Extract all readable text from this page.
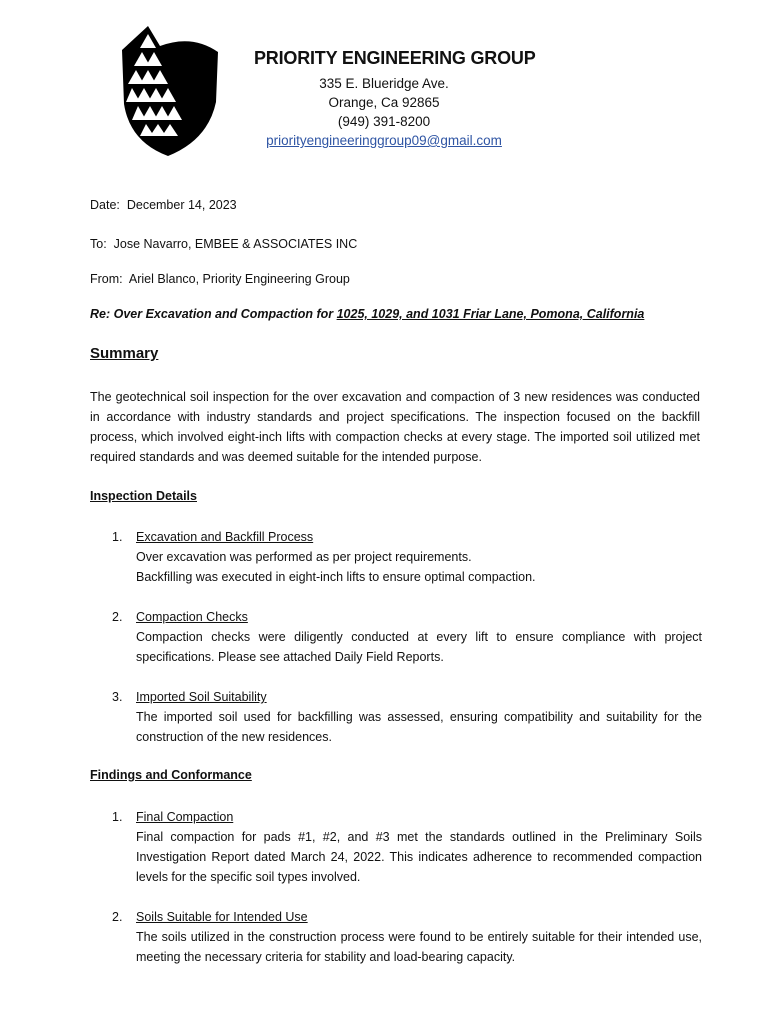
PRIORITY ENGINEERING GROUP
335 E. Blueridge Ave.
Orange, Ca 92865
(949) 391-8200
priorityengineeringgroup09@gmail.com
Date: December 14, 2023
To: Jose Navarro, EMBEE & ASSOCIATES INC
From: Ariel Blanco, Priority Engineering Group
Re: Over Excavation and Compaction for 1025, 1029, and 1031 Friar Lane, Pomona, California
Summary
The geotechnical soil inspection for the over excavation and compaction of 3 new residences was conducted in accordance with industry standards and project specifications. The inspection focused on the backfill process, which involved eight-inch lifts with compaction checks at every stage. The imported soil utilized met required standards and was deemed suitable for the intended purpose.
Inspection Details
1.	Excavation and Backfill Process
Over excavation was performed as per project requirements.
Backfilling was executed in eight-inch lifts to ensure optimal compaction.
2.	Compaction Checks
Compaction checks were diligently conducted at every lift to ensure compliance with project specifications. Please see attached Daily Field Reports.
3.	Imported Soil Suitability
The imported soil used for backfilling was assessed, ensuring compatibility and suitability for the construction of the new residences.
Findings and Conformance
1.	Final Compaction
Final compaction for pads #1, #2, and #3 met the standards outlined in the Preliminary Soils Investigation Report dated March 24, 2022. This indicates adherence to recommended compaction levels for the specific soil types involved.
2.	Soils Suitable for Intended Use
The soils utilized in the construction process were found to be entirely suitable for their intended use, meeting the necessary criteria for stability and load-bearing capacity.
